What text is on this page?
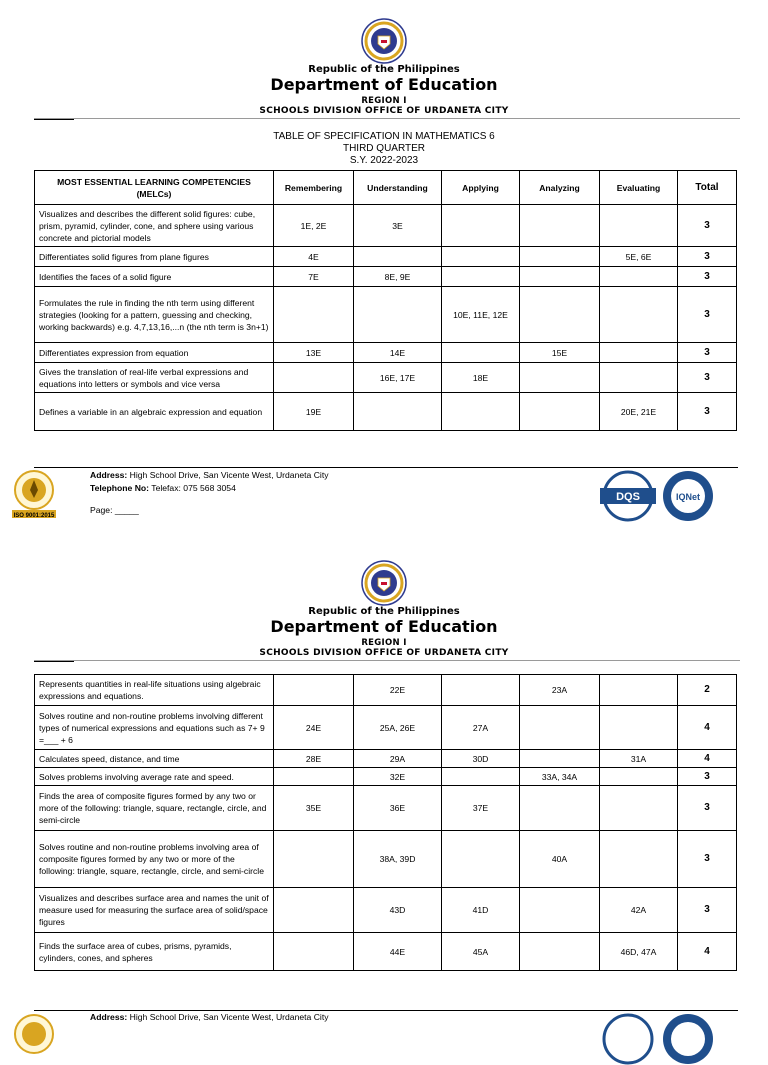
Republic of the Philippines
Department of Education
REGION I
SCHOOLS DIVISION OFFICE OF URDANETA CITY
TABLE OF SPECIFICATION IN MATHEMATICS 6
THIRD QUARTER
S.Y. 2022-2023
MOST ESSENTIAL LEARNING COMPETENCIES (MELCs)	Remembering	Understanding	Applying	Analyzing	Evaluating	Total
Visualizes and describes the different solid figures: cube, prism, pyramid, cylinder, cone, and sphere using various concrete and pictorial models	1E, 2E	3E				3
Differentiates solid figures from plane figures	4E				5E, 6E	3
Identifies the faces of a solid figure	7E	8E, 9E				3
Formulates the rule in finding the nth term using different strategies (looking for a pattern, guessing and checking, working backwards) e.g. 4,7,13,16,...n (the nth term is 3n+1)			10E, 11E, 12E			3
Differentiates expression from equation	13E	14E		15E		3
Gives the translation of real-life verbal expressions and equations into letters or symbols and vice versa		16E, 17E	18E			3
Defines a variable in an algebraic expression and equation	19E				20E, 21E	3
ISO 9001:2015
Address: High School Drive, San Vicente West, Urdaneta City
Telephone No: Telefax: 075 568 3054
Page: _____
DQS	IQNet
Republic of the Philippines
Department of Education
REGION I
SCHOOLS DIVISION OFFICE OF URDANETA CITY
Represents quantities in real-life situations using algebraic expressions and equations.		22E		23A		2
Solves routine and non-routine problems involving different types of numerical expressions and equations such as 7+ 9 =___ + 6	24E	25A, 26E	27A			4
Calculates speed, distance, and time	28E	29A	30D		31A	4
Solves problems involving average rate and speed.		32E		33A, 34A		3
Finds the area of composite figures formed by any two or more of the following: triangle, square, rectangle, circle, and semi-circle	35E	36E	37E			3
Solves routine and non-routine problems involving area of composite figures formed by any two or more of the following: triangle, square, rectangle, circle, and semi-circle		38A, 39D		40A		3
Visualizes and describes surface area and names the unit of measure used for measuring the surface area of solid/space figures		43D	41D		42A	3
Finds the surface area of cubes, prisms, pyramids, cylinders, cones, and spheres		44E	45A		46D, 47A	4
Address: High School Drive, San Vicente West, Urdaneta City
